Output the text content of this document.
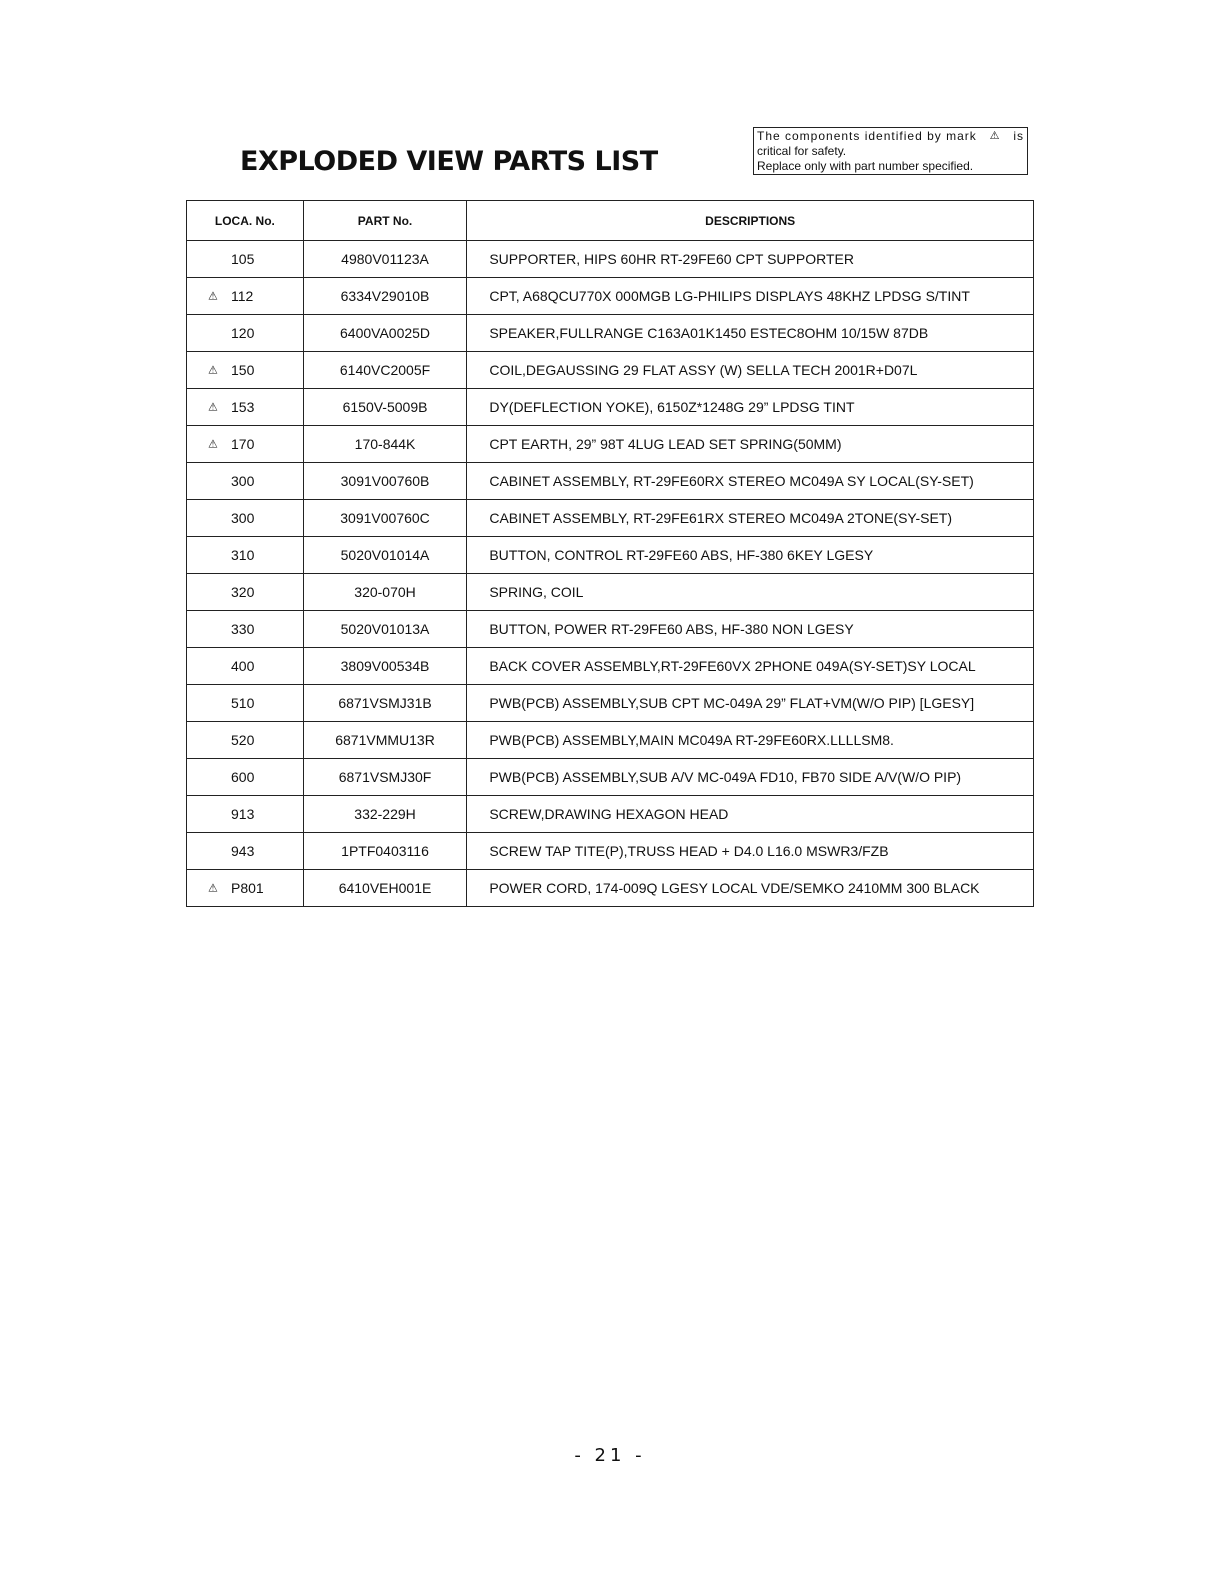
EXPLODED VIEW PARTS LIST
The components identified by mark ⚠ is
critical for safety.
Replace only with part number specified.
LOCA. No.	PART No.	DESCRIPTIONS

105	4980V01123A	SUPPORTER, HIPS 60HR RT-29FE60 CPT SUPPORTER

⚠ 112	6334V29010B	CPT, A68QCU770X 000MGB LG-PHILIPS DISPLAYS 48KHZ LPDSG S/TINT

120	6400VA0025D	SPEAKER,FULLRANGE C163A01K1450 ESTEC8OHM 10/15W 87DB

⚠ 150	6140VC2005F	COIL,DEGAUSSING 29 FLAT ASSY (W) SELLA TECH 2001R+D07L

⚠ 153	6150V-5009B	DY(DEFLECTION YOKE), 6150Z*1248G 29” LPDSG TINT

⚠ 170	170-844K	CPT EARTH, 29” 98T 4LUG LEAD SET SPRING(50MM)

300	3091V00760B	CABINET ASSEMBLY, RT-29FE60RX STEREO MC049A SY LOCAL(SY-SET)

300	3091V00760C	CABINET ASSEMBLY, RT-29FE61RX STEREO MC049A 2TONE(SY-SET)

310	5020V01014A	BUTTON, CONTROL RT-29FE60 ABS, HF-380 6KEY LGESY

320	320-070H	SPRING, COIL

330	5020V01013A	BUTTON, POWER RT-29FE60 ABS, HF-380 NON LGESY

400	3809V00534B	BACK COVER ASSEMBLY,RT-29FE60VX 2PHONE 049A(SY-SET)SY LOCAL

510	6871VSMJ31B	PWB(PCB) ASSEMBLY,SUB CPT MC-049A 29” FLAT+VM(W/O PIP) [LGESY]

520	6871VMMU13R	PWB(PCB) ASSEMBLY,MAIN MC049A RT-29FE60RX.LLLLSM8.

600	6871VSMJ30F	PWB(PCB) ASSEMBLY,SUB A/V MC-049A FD10, FB70 SIDE A/V(W/O PIP)

913	332-229H	SCREW,DRAWING HEXAGON HEAD

943	1PTF0403116	SCREW TAP TITE(P),TRUSS HEAD + D4.0 L16.0 MSWR3/FZB

⚠ P801	6410VEH001E	POWER CORD, 174-009Q LGESY LOCAL VDE/SEMKO 2410MM 300 BLACK
- 21 -
